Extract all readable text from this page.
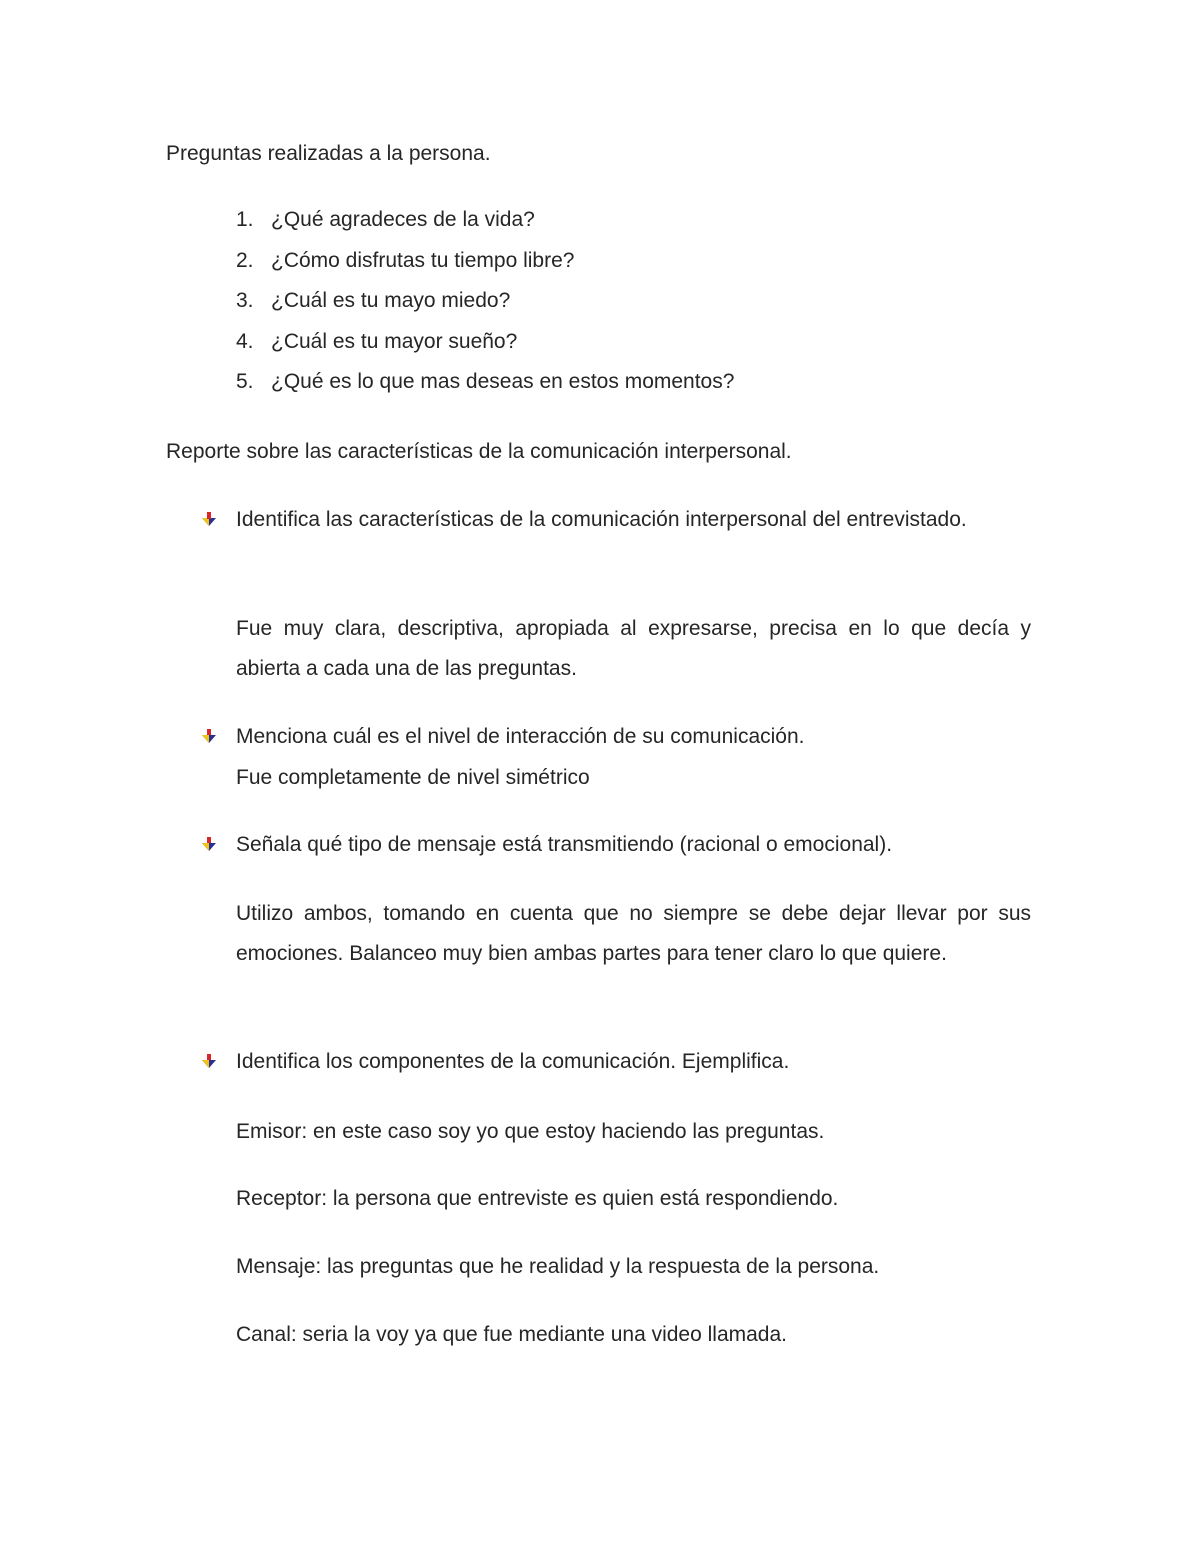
Preguntas realizadas a la persona.
1. ¿Qué agradeces de la vida?
2. ¿Cómo disfrutas tu tiempo libre?
3. ¿Cuál es tu mayo miedo?
4. ¿Cuál es tu mayor sueño?
5. ¿Qué es lo que mas deseas en estos momentos?
Reporte sobre las características de la comunicación interpersonal.

Identifica las características de la comunicación interpersonal del entrevistado.

Fue muy clara, descriptiva, apropiada al expresarse, precisa en lo que decía y abierta a cada una de las preguntas.

Menciona cuál es el nivel de interacción de su comunicación.

Fue completamente de nivel simétrico

Señala qué tipo de mensaje está transmitiendo (racional o emocional).

Utilizo ambos, tomando en cuenta que no siempre se debe dejar llevar por sus emociones. Balanceo muy bien ambas partes para tener claro lo que quiere.

Identifica los componentes de la comunicación. Ejemplifica.

Emisor: en este caso soy yo que estoy haciendo las preguntas.

Receptor: la persona que entreviste es quien está respondiendo.

Mensaje: las preguntas que he realidad y la respuesta de la persona.

Canal: seria la voy ya que fue mediante una video llamada.
